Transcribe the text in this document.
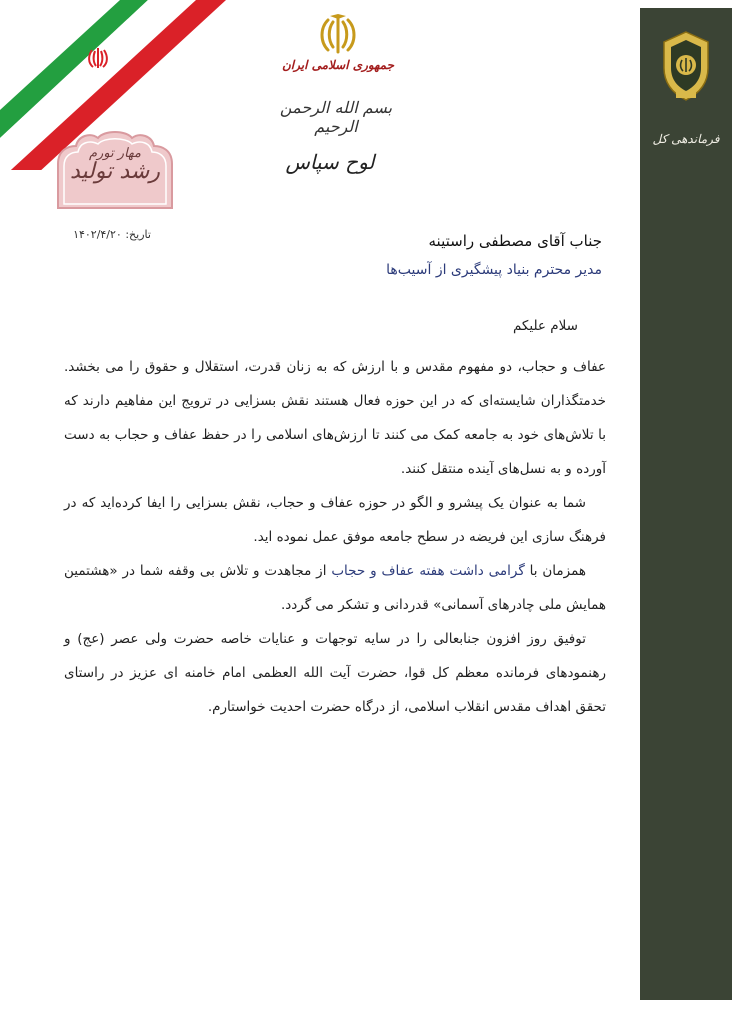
جمهوری اسلامی ایران
بسم الله الرحمن الرحیم
لوح سپاس
مهار تورم
رشد تولید
تاریخ: ۱۴۰۲/۴/۲۰
فرماندهی کل
جناب آقای مصطفی راستینه
مدیر محترم بنیاد پیشگیری از آسیب‌ها

سلام علیکم

عفاف و حجاب، دو مفهوم مقدس و با ارزش که به زنان قدرت، استقلال و حقوق را می بخشد. خدمتگذاران شایسته‌ای که در این حوزه فعال هستند نقش بسزایی در ترویج این مفاهیم دارند که با تلاش‌های خود به جامعه کمک می کنند تا ارزش‌های اسلامی را در حفظ عفاف و حجاب به دست آورده و به نسل‌های آینده منتقل کنند.

شما به عنوان یک پیشرو و الگو در حوزه عفاف و حجاب، نقش بسزایی را ایفا کرده‌اید که در فرهنگ سازی این فریضه در سطح جامعه موفق عمل نموده اید.

همزمان با گرامی داشت هفته عفاف و حجاب از مجاهدت و تلاش بی وقفه شما در «هشتمین همایش ملی چادرهای آسمانی» قدردانی و تشکر می گردد.

توفیق روز افزون جنابعالی را در سایه توجهات و عنایات خاصه حضرت ولی عصر (عج) و رهنمودهای فرمانده معظم کل قوا، حضرت آیت الله العظمی امام خامنه ای عزیز در راستای تحقق اهداف مقدس انقلاب اسلامی، از درگاه حضرت احدیت خواستارم.
